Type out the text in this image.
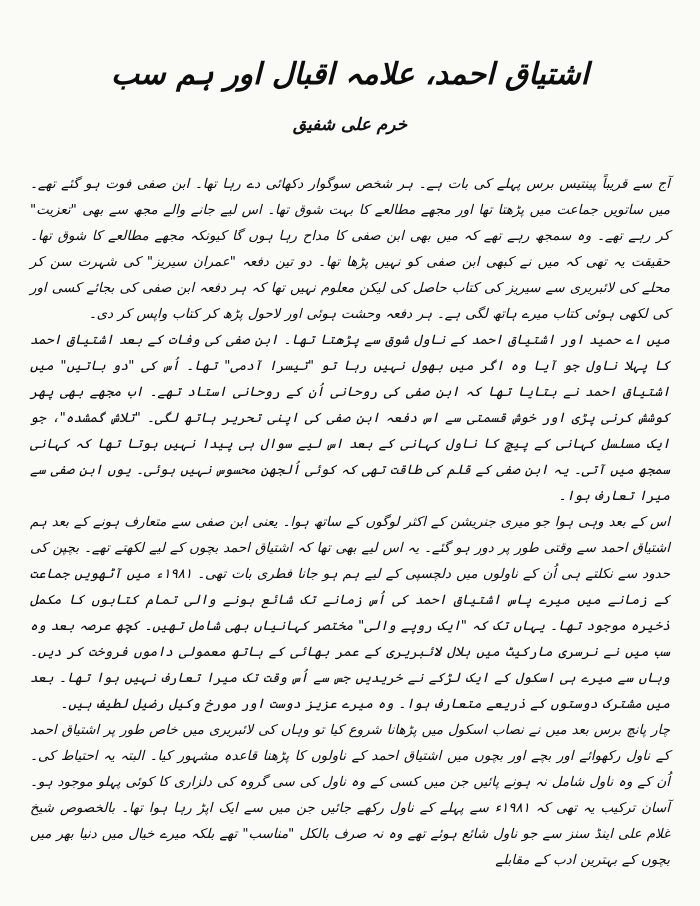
اشتیاق احمد، علامہ اقبال اور ہم سب
خرم علی شفیق

آج سے قریباً پینتیس برس پہلے کی بات ہے۔ ہر شخص سوگوار دکھائی دے رہا تھا۔ ابن صفی فوت ہو گئے تھے۔ میں ساتویں جماعت میں پڑھتا تھا اور مجھے مطالعے کا بہت شوق تھا۔ اس لیے جانے والے مجھ سے بھی "تعزیت" کر رہے تھے۔ وہ سمجھ رہے تھے کہ میں بھی ابن صفی کا مداح رہا ہوں گا کیونکہ مجھے مطالعے کا شوق تھا۔ حقیقت یہ تھی کہ میں نے کبھی ابن صفی کو نہیں پڑھا تھا۔ دو تین دفعہ "عمران سیریز" کی شہرت سن کر محلے کی لائبریری سے سیریز کی کتاب حاصل کی لیکن معلوم نہیں تھا کہ ہر دفعہ ابن صفی کی بجائے کسی اور کی لکھی ہوئی کتاب میرے ہاتھ لگی ہے۔ ہر دفعہ وحشت ہوئی اور لاحول پڑھ کر کتاب واپس کر دی۔

میں اے حمید اور اشتیاق احمد کے ناول شوق سے پڑھتا تھا۔ ابن صفی کی وفات کے بعد اشتیاق احمد کا پہلا ناول جو آیا وہ اگر میں بھول نہیں رہا تو "تیسرا آدمی" تھا۔ اُس کی "دو باتیں" میں اشتیاق احمد نے بتایا تھا کہ ابن صفی کی روحانی اُن کے روحانی استاد تھے۔ اب مجھے بھی پھر کوشش کرنی پڑی اور خوش قسمتی سے اس دفعہ ابن صفی کی اپنی تحریر ہاتھ لگی۔ "تلاش گمشدہ"، جو ایک مسلسل کہانی کے پیچ کا ناول کہانی کے بعد اس لیے سوال ہی پیدا نہیں ہوتا تھا کہ کہانی سمجھ میں آتی۔ یہ ابن صفی کے قلم کی طاقت تھی کہ کوئی اُلجھن محسوس نہیں ہوئی۔ یوں ابن صفی سے میرا تعارف ہوا۔

اس کے بعد وہی ہوا جو میری جنریشن کے اکثر لوگوں کے ساتھ ہوا۔ یعنی ابن صفی سے متعارف ہونے کے بعد ہم اشتیاق احمد سے وقتی طور پر دور ہو گئے۔ یہ اس لیے بھی تھا کہ اشتیاق احمد بچوں کے لیے لکھتے تھے۔ بچپن کی حدود سے نکلتے ہی اُن کے ناولوں میں دلچسپی کے لیے ہم ہو جانا فطری بات تھی۔ ۱۹۸۱ء میں آٹھویں جماعت کے زمانے میں میرے پاس اشتیاق احمد کی اُس زمانے تک شائع ہونے والی تمام کتابوں کا مکمل ذخیرہ موجود تھا۔ یہاں تک کہ "ایک روپے والی" مختصر کہانیاں بھی شامل تھیں۔ کچھ عرصہ بعد وہ سب میں نے نرسری مارکیٹ میں ہلال لائبریری کے عمر بھائی کے ہاتھ معمولی داموں فروخت کر دیں۔ وہاں سے میرے ہی اسکول کے ایک لڑکے نے خریدیں جس سے اُس وقت تک میرا تعارف نہیں ہوا تھا۔ بعد میں مشترک دوستوں کے ذریعے متعارف ہوا۔ وہ میرے عزیز دوست اور مورخ وکیل رضیل لطیف ہیں۔

چار پانچ برس بعد میں نے نصاب اسکول میں پڑھانا شروع کیا تو وہاں کی لائبریری میں خاص طور پر اشتیاق احمد کے ناول رکھوائے اور بچے اور بچوں میں اشتیاق احمد کے ناولوں کا پڑھنا قاعدہ مشہور کیا۔ البتہ یہ احتیاط کی۔ اُن کے وہ ناول شامل نہ ہونے پائیں جن میں کسی کے وہ ناول کی سی گروہ کی دلزاری کا کوئی پہلو موجود ہو۔ آسان ترکیب یہ تھی کہ ۱۹۸۱ء سے پہلے کے ناول رکھے جائیں جن میں سے ایک اپڑ رہا ہوا تھا۔ بالخصوص شیخ غلام علی اینڈ سنز سے جو ناول شائع ہوئے تھے وہ نہ صرف بالکل "مناسب" تھے بلکہ میرے خیال میں دنیا بھر میں بچوں کے بہترین ادب کے مقابلے
